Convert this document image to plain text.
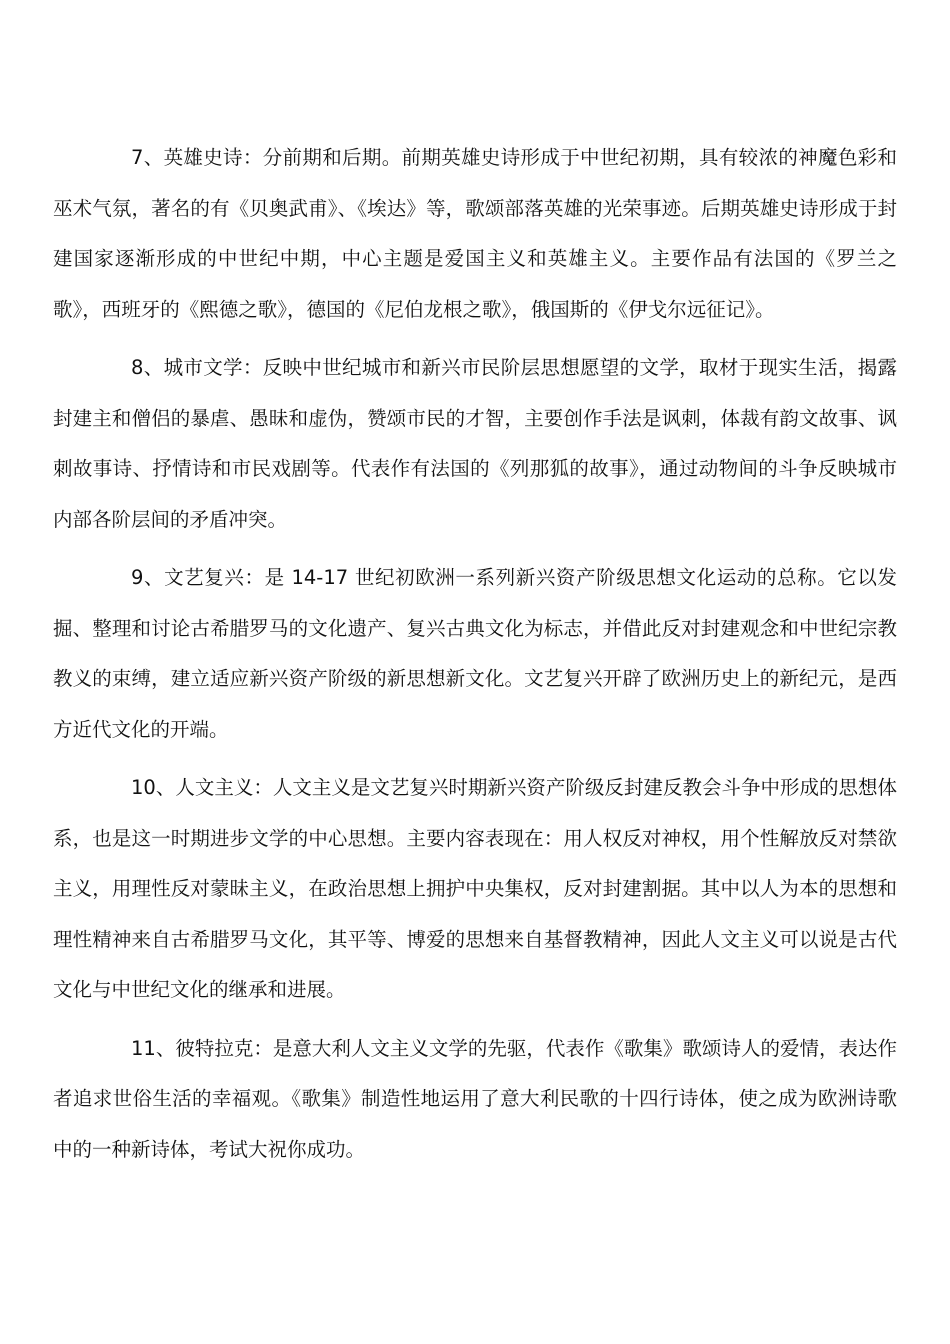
7、英雄史诗：分前期和后期。前期英雄史诗形成于中世纪初期，具有较浓的神魔色彩和巫术气氛，著名的有《贝奥武甫》、《埃达》等，歌颂部落英雄的光荣事迹。后期英雄史诗形成于封建国家逐渐形成的中世纪中期，中心主题是爱国主义和英雄主义。主要作品有法国的《罗兰之歌》，西班牙的《熙德之歌》，德国的《尼伯龙根之歌》，俄国斯的《伊戈尔远征记》。

8、城市文学：反映中世纪城市和新兴市民阶层思想愿望的文学，取材于现实生活，揭露封建主和僧侣的暴虐、愚昧和虚伪，赞颂市民的才智，主要创作手法是讽刺，体裁有韵文故事、讽刺故事诗、抒情诗和市民戏剧等。代表作有法国的《列那狐的故事》，通过动物间的斗争反映城市内部各阶层间的矛盾冲突。

9、文艺复兴：是 14-17 世纪初欧洲一系列新兴资产阶级思想文化运动的总称。它以发掘、整理和讨论古希腊罗马的文化遗产、复兴古典文化为标志，并借此反对封建观念和中世纪宗教教义的束缚，建立适应新兴资产阶级的新思想新文化。文艺复兴开辟了欧洲历史上的新纪元，是西方近代文化的开端。

10、人文主义：人文主义是文艺复兴时期新兴资产阶级反封建反教会斗争中形成的思想体系，也是这一时期进步文学的中心思想。主要内容表现在：用人权反对神权，用个性解放反对禁欲主义，用理性反对蒙昧主义，在政治思想上拥护中央集权，反对封建割据。其中以人为本的思想和理性精神来自古希腊罗马文化，其平等、博爱的思想来自基督教精神，因此人文主义可以说是古代文化与中世纪文化的继承和进展。

11、彼特拉克：是意大利人文主义文学的先驱，代表作《歌集》歌颂诗人的爱情，表达作者追求世俗生活的幸福观。《歌集》制造性地运用了意大利民歌的十四行诗体，使之成为欧洲诗歌中的一种新诗体，考试大祝你成功。
